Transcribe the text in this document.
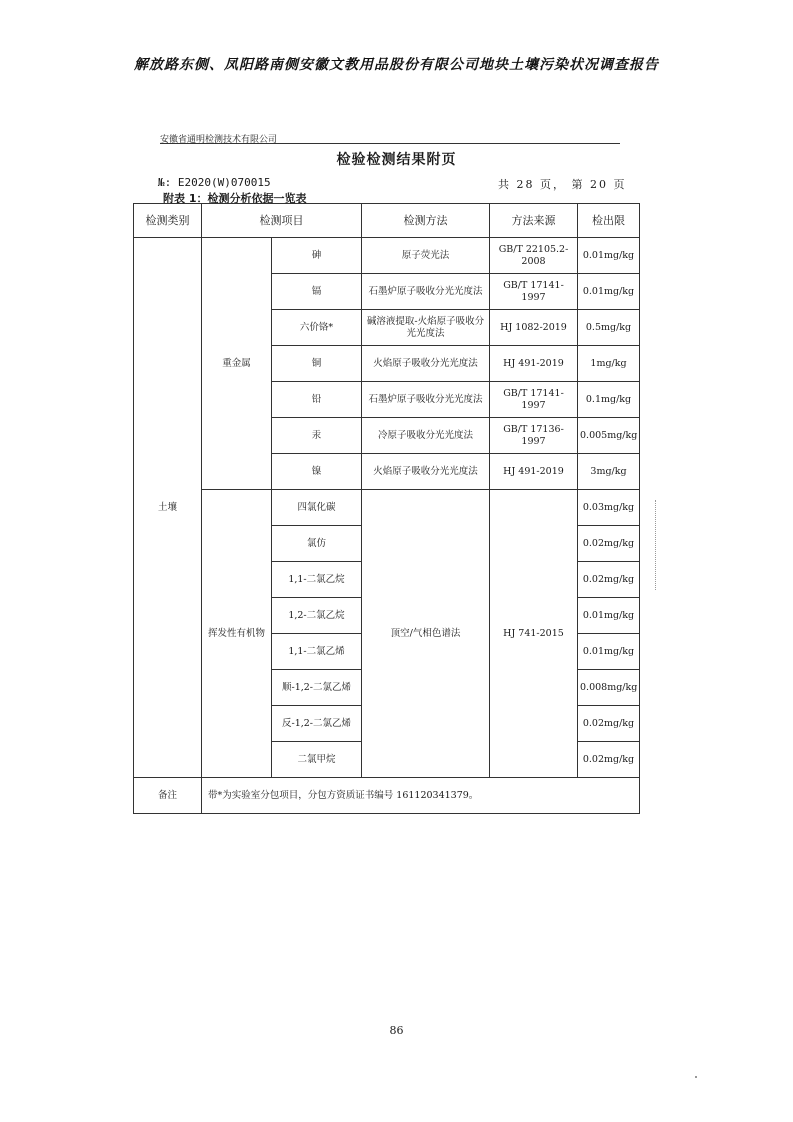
解放路东侧、凤阳路南侧安徽文教用品股份有限公司地块土壤污染状况调查报告
安徽省通明检测技术有限公司
检验检测结果附页
№: E2020(W)070015	共 28 页， 第 20 页
附表 1：检测分析依据一览表
检测类别	检测项目		检测方法	方法来源	检出限
土壤	重金属	砷	原子荧光法	GB/T 22105.2-2008	0.01mg/kg
		镉	石墨炉原子吸收分光光度法	GB/T 17141-1997	0.01mg/kg
		六价铬*	碱溶液提取-火焰原子吸收分光光度法	HJ 1082-2019	0.5mg/kg
		铜	火焰原子吸收分光光度法	HJ 491-2019	1mg/kg
		铅	石墨炉原子吸收分光光度法	GB/T 17141-1997	0.1mg/kg
		汞	冷原子吸收分光光度法	GB/T 17136-1997	0.005mg/kg
		镍	火焰原子吸收分光光度法	HJ 491-2019	3mg/kg
	挥发性有机物	四氯化碳	顶空/气相色谱法	HJ 741-2015	0.03mg/kg
		氯仿			0.02mg/kg
		1,1-二氯乙烷			0.02mg/kg
		1,2-二氯乙烷			0.01mg/kg
		1,1-二氯乙烯			0.01mg/kg
		顺-1,2-二氯乙烯			0.008mg/kg
		反-1,2-二氯乙烯			0.02mg/kg
		二氯甲烷			0.02mg/kg
备注	带*为实验室分包项目，分包方资质证书编号 161120341379。				
86
